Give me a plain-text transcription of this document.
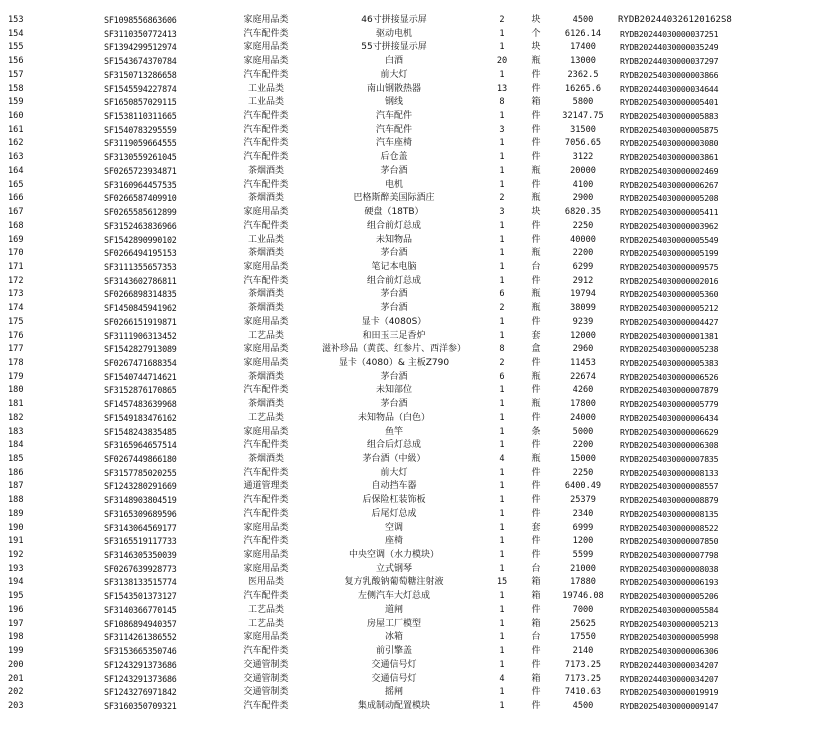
153	SF1098556863606	家庭用品类	46寸拼接显示屏	2	块	4500	RYDB202440326120162S8
154	SF3110350772413	汽车配件类	驱动电机	1	个	6126.14	RYDB20244030000037251
155	SF1394299512974	家庭用品类	55寸拼接显示屏	1	块	17400	RYDB20244030000035249
156	SF1543674370784	家庭用品类	白酒	20	瓶	13000	RYDB20244030000037297
157	SF3150713286658	汽车配件类	前大灯	1	件	2362.5	RYDB20254030000003866
158	SF1545594227874	工业品类	南山钢散热器	13	件	16265.6	RYDB20244030000034644
159	SF1650857029115	工业品类	钢线	8	箱	5800	RYDB20254030000005401
160	SF1538110311665	汽车配件类	汽车配件	1	件	32147.75	RYDB20254030000005883
161	SF1540783295559	汽车配件类	汽车配件	3	件	31500	RYDB20254030000005875
162	SF3119059664555	汽车配件类	汽车座椅	1	件	7056.65	RYDB20254030000003080
163	SF3130559261045	汽车配件类	后仓盖	1	件	3122	RYDB20254030000003861
164	SF0265723934871	茶烟酒类	茅台酒	1	瓶	20000	RYDB20254030000002469
165	SF3160964457535	汽车配件类	电机	1	件	4100	RYDB20254030000006267
166	SF0266587409910	茶烟酒类	巴格斯醉美国际酒庄	2	瓶	2900	RYDB20254030000005208
167	SF0265585612899	家庭用品类	硬盘（18TB）	3	块	6820.35	RYDB20254030000005411
168	SF3152463836966	汽车配件类	组合前灯总成	1	件	2250	RYDB20254030000003962
169	SF1542890990102	工业品类	未知物品	1	件	40000	RYDB20254030000005549
170	SF0266494195153	茶烟酒类	茅台酒	1	瓶	2200	RYDB20254030000005199
171	SF3111355657353	家庭用品类	笔记本电脑	1	台	6299	RYDB20254030000009575
172	SF3143602786811	汽车配件类	组合前灯总成	1	件	2912	RYDB20254030000002016
173	SF0266898314835	茶烟酒类	茅台酒	6	瓶	19794	RYDB20254030000005360
174	SF1450845941962	茶烟酒类	茅台酒	2	瓶	38099	RYDB20254030000005212
175	SF0266151919871	家庭用品类	显卡（4080S）	1	件	9239	RYDB20254030000004427
176	SF3111906313452	工艺品类	和田玉三足香炉	1	套	12000	RYDB20254030000001381
177	SF1542827913089	家庭用品类	滋补珍品（黄芪、红参片、西洋参）	8	盒	2960	RYDB20254030000005238
178	SF0267471688354	家庭用品类	显卡（4080）& 主板Z790	2	件	11453	RYDB20254030000005383
179	SF1540744714621	茶烟酒类	茅台酒	6	瓶	22674	RYDB20254030000006526
180	SF3152876170865	汽车配件类	未知部位	1	件	4260	RYDB20254030000007879
181	SF1457483639968	茶烟酒类	茅台酒	1	瓶	17800	RYDB20254030000005779
182	SF1549183476162	工艺品类	未知物品（白色）	1	件	24000	RYDB20254030000006434
183	SF1548243835485	家庭用品类	鱼竿	1	条	5000	RYDB20254030000006629
184	SF3165964657514	汽车配件类	组合后灯总成	1	件	2200	RYDB20254030000006308
185	SF0267449866180	茶烟酒类	茅台酒（中級）	4	瓶	15000	RYDB20254030000007835
186	SF3157785020255	汽车配件类	前大灯	1	件	2250	RYDB20254030000008133
187	SF1243280291669	通道管理类	自动挡车器	1	件	6400.49	RYDB20254030000008557
188	SF3148903804519	汽车配件类	后保险杠装饰板	1	件	25379	RYDB20254030000008879
189	SF3165309689596	汽车配件类	后尾灯总成	1	件	2340	RYDB20254030000008135
190	SF3143064569177	家庭用品类	空调	1	套	6999	RYDB20254030000008522
191	SF3165519117733	汽车配件类	座椅	1	件	1200	RYDB20254030000007850
192	SF3146305350039	家庭用品类	中央空调（水力模块）	1	件	5599	RYDB20254030000007798
193	SF0267639928773	家庭用品类	立式钢琴	1	台	21000	RYDB20254030000008038
194	SF3138133515774	医用品类	复方乳酸钠葡萄糖注射液	15	箱	17880	RYDB20254030000006193
195	SF1543501373127	汽车配件类	左侧汽车大灯总成	1	箱	19746.08	RYDB20254030000005206
196	SF3140366770145	工艺品类	道闸	1	件	7000	RYDB20254030000005584
197	SF1086894940357	工艺品类	房屋工厂模型	1	箱	25625	RYDB20254030000005213
198	SF3114261386552	家庭用品类	冰箱	1	台	17550	RYDB20254030000005998
199	SF3153665350746	汽车配件类	前引擎盖	1	件	2140	RYDB20254030000006306
200	SF1243291373686	交通管制类	交通信号灯	1	件	7173.25	RYDB20244030000034207
201	SF1243291373686	交通管制类	交通信号灯	4	箱	7173.25	RYDB20244030000034207
202	SF1243276971842	交通管制类	摇闸	1	件	7410.63	RYDB20254030000019919
203	SF3160350709321	汽车配件类	集成制动配置模块	1	件	4500	RYDB20254030000009147
